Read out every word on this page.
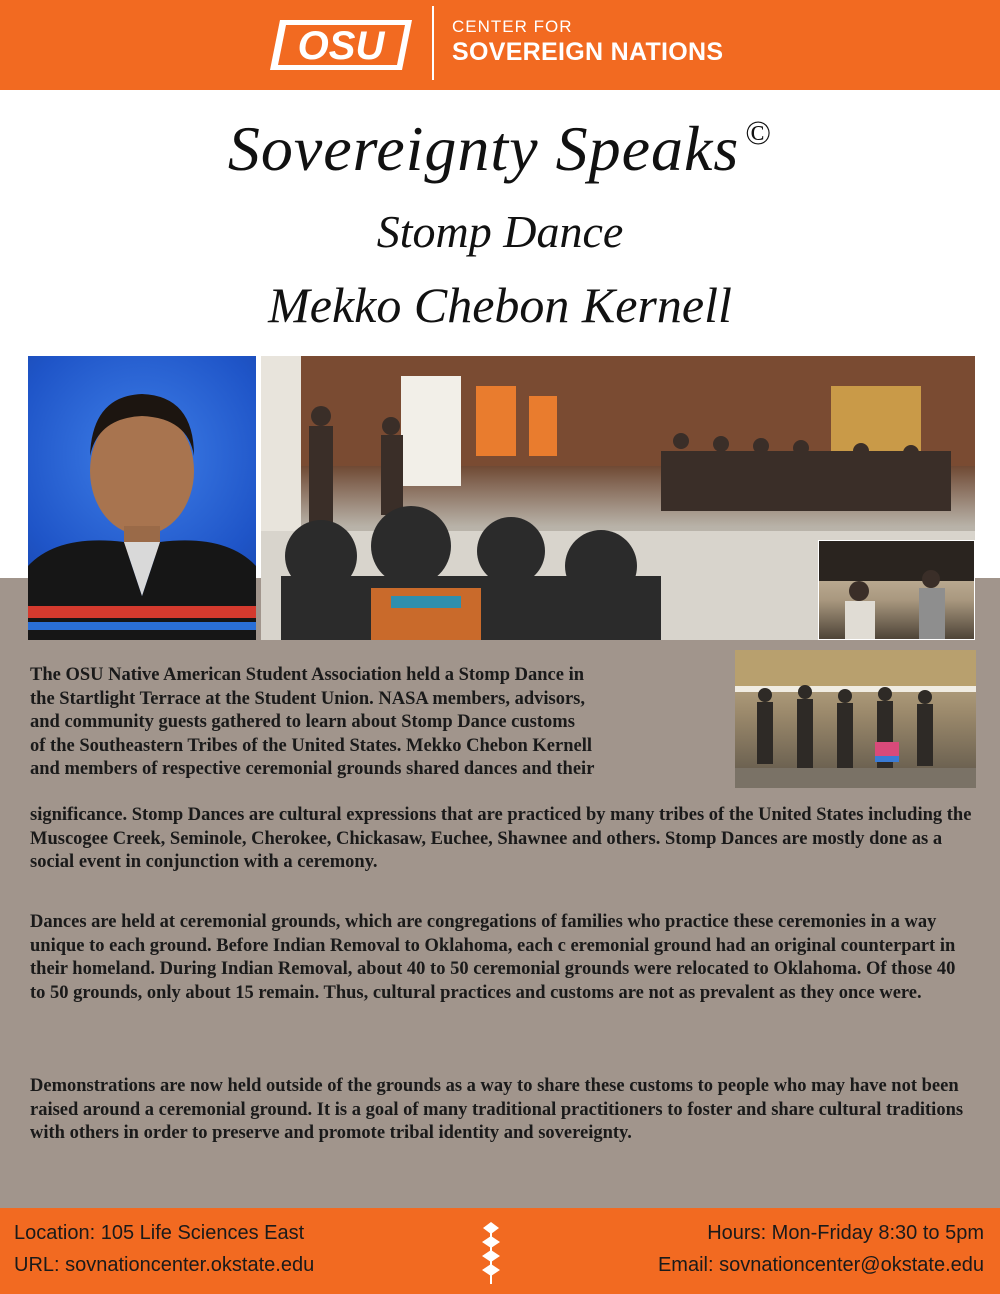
OSU	CENTER FOR
SOVEREIGN NATIONS
Sovereignty Speaks ©
Stomp Dance
Mekko Chebon Kernell
The OSU Native American Student Association held a Stomp Dance in
the Startlight Terrace at the Student Union. NASA members, advisors,
and community guests gathered to learn about Stomp Dance customs
of the Southeastern Tribes of the United States. Mekko Chebon Kernell
and members of respective ceremonial grounds shared dances and their
significance. Stomp Dances are cultural expressions that are practiced by many tribes of the United States including the Muscogee Creek, Seminole, Cherokee, Chickasaw, Euchee, Shawnee and others. Stomp Dances are mostly done as a social event in conjunction with a ceremony.
Dances are held at ceremonial grounds, which are congregations of families who practice these ceremonies in a way unique to each ground. Before Indian Removal to Oklahoma, each c eremonial ground had an original counterpart in their homeland. During Indian Removal, about 40 to 50 ceremonial grounds were relocated to Oklahoma. Of those 40 to 50 grounds, only about 15 remain. Thus, cultural practices and customs are not as prevalent as they once were.
Demonstrations are now held outside of the grounds as a way to share these customs to people who may have not been raised around a ceremonial ground. It is a goal of many traditional practitioners to foster and share cultural traditions with others in order to preserve and promote tribal identity and sovereignty.
Location: 105 Life Sciences East
URL: sovnationcenter.okstate.edu
Hours: Mon-Friday 8:30 to 5pm
Email: sovnationcenter@okstate.edu
